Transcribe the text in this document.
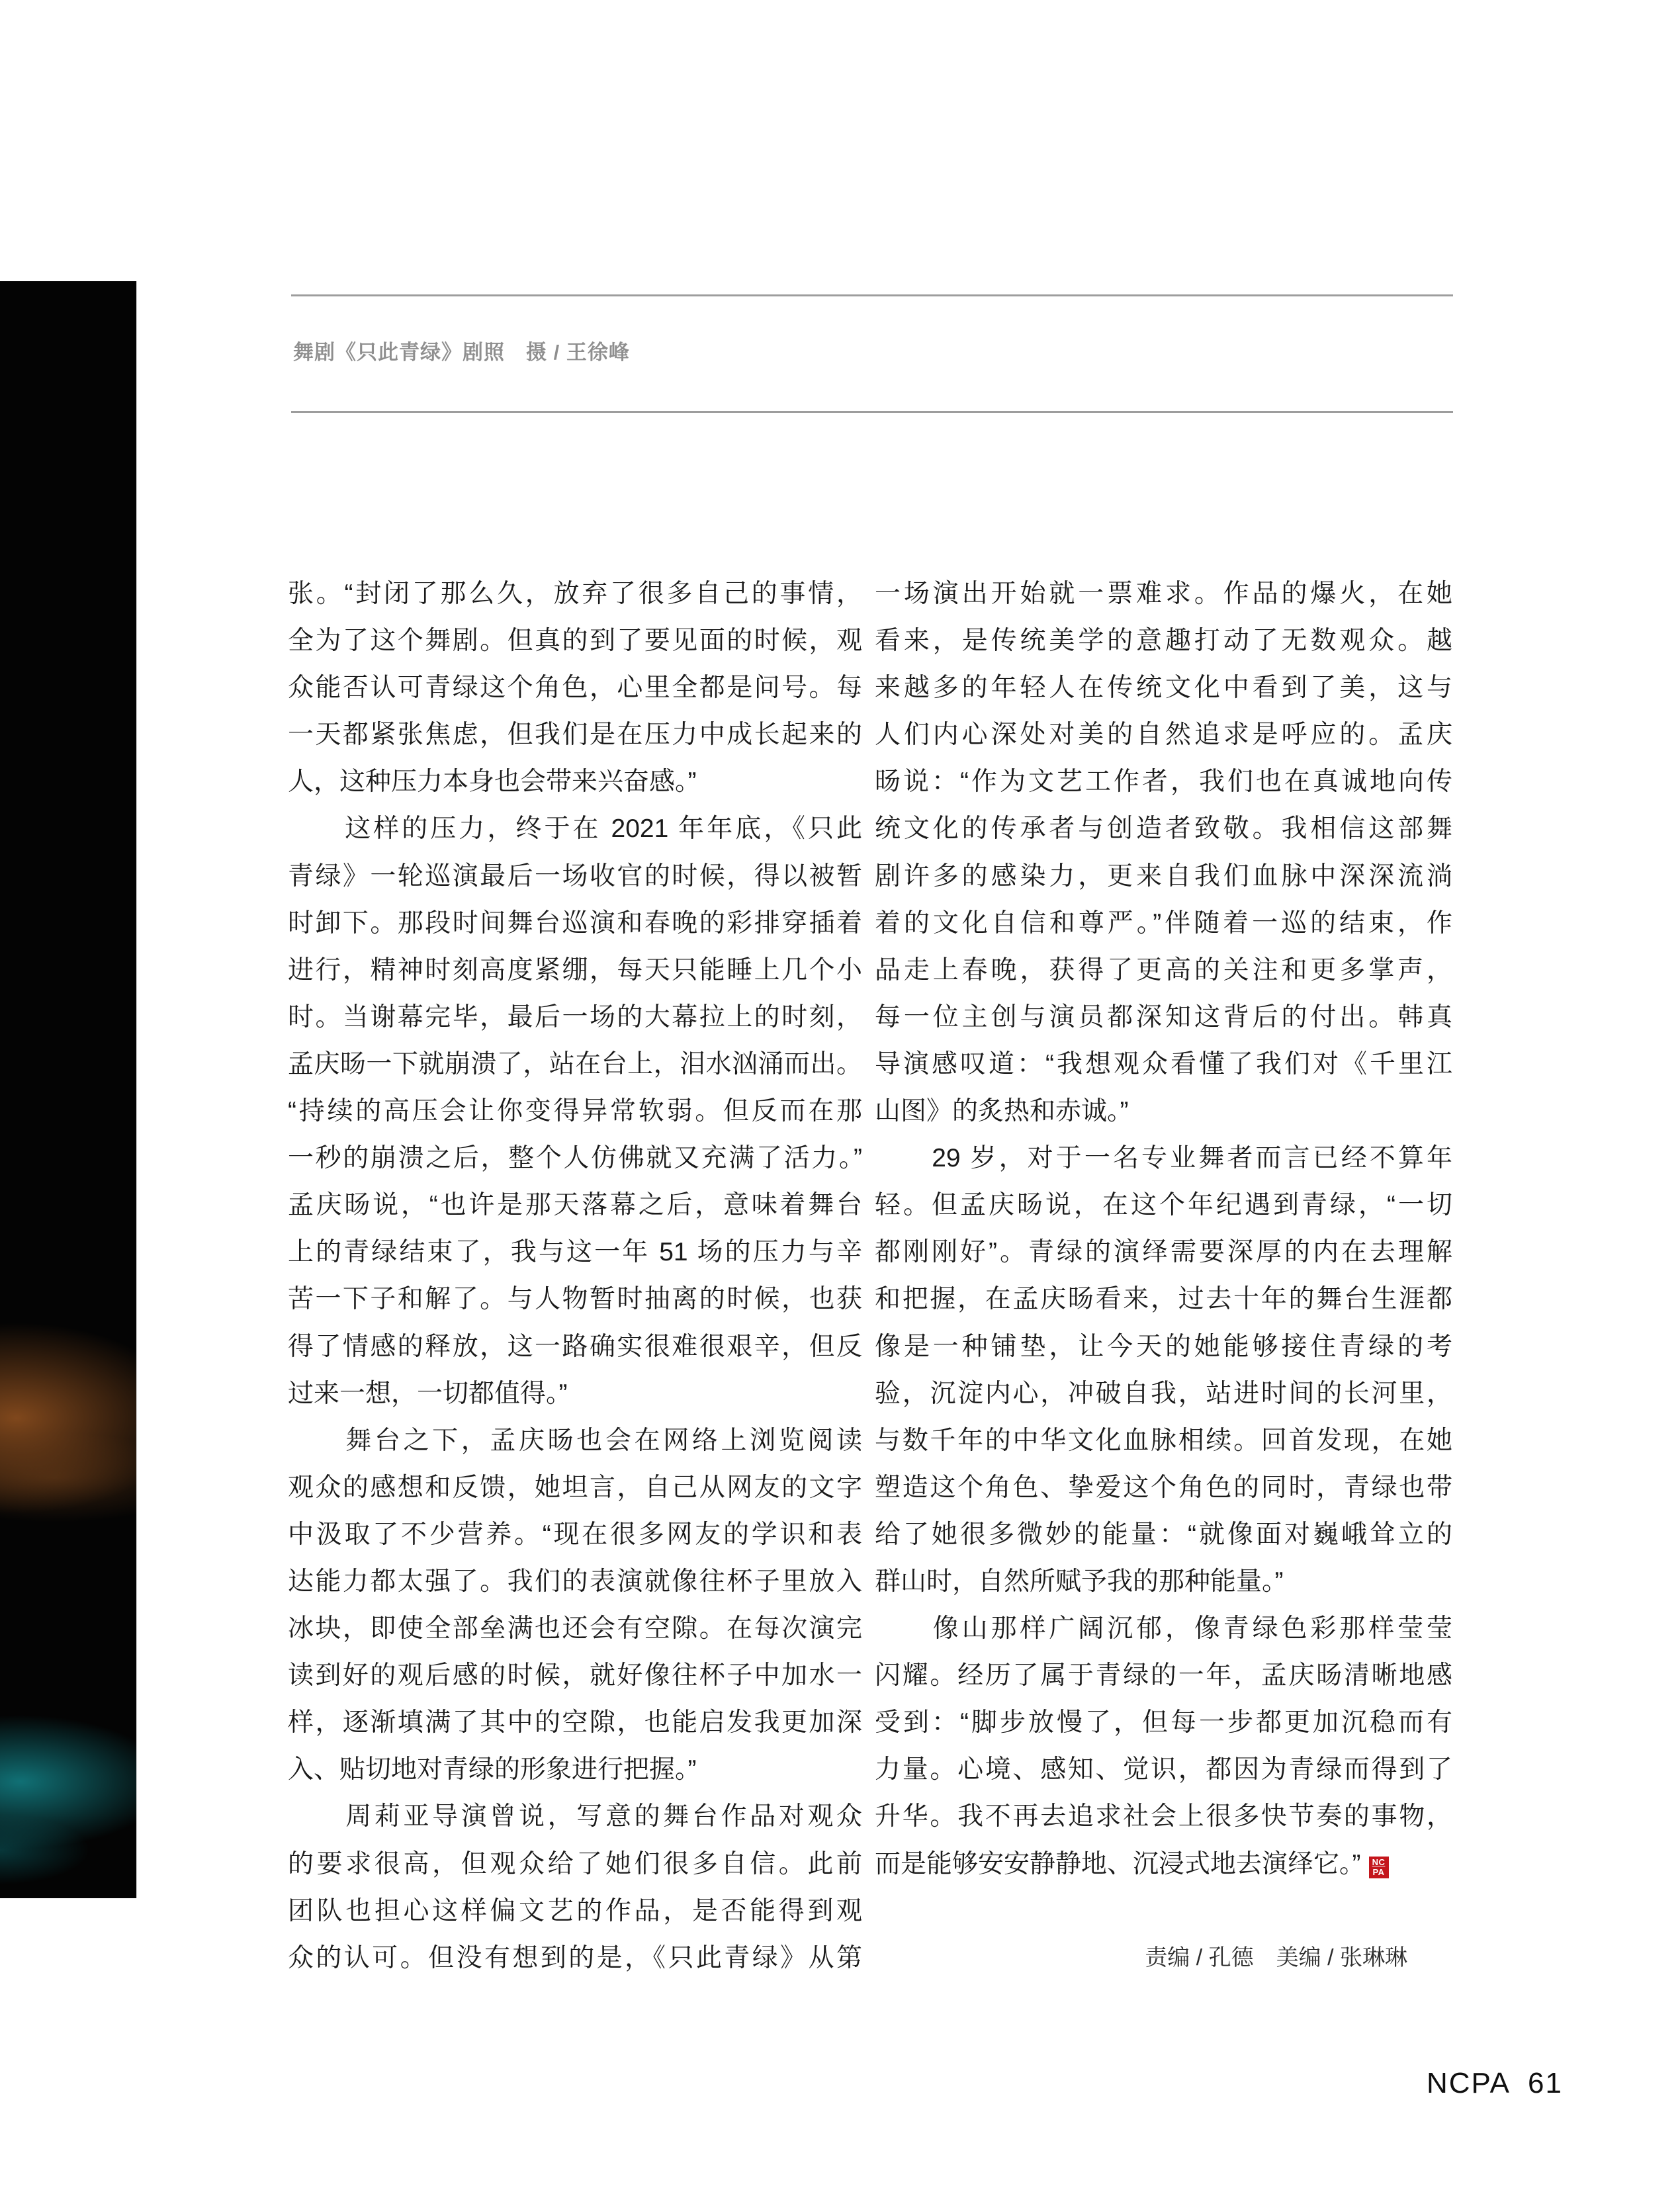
舞剧《只此青绿》剧照　摄 / 王徐峰
张。“封闭了那么久，放弃了很多自己的事情，
全为了这个舞剧。但真的到了要见面的时候，观
众能否认可青绿这个角色，心里全都是问号。每
一天都紧张焦虑，但我们是在压力中成长起来的
人，这种压力本身也会带来兴奋感。”
　　这样的压力，终于在 2021 年年底，《只此
青绿》一轮巡演最后一场收官的时候，得以被暂
时卸下。那段时间舞台巡演和春晚的彩排穿插着
进行，精神时刻高度紧绷，每天只能睡上几个小
时。当谢幕完毕，最后一场的大幕拉上的时刻，
孟庆旸一下就崩溃了，站在台上，泪水汹涌而出。
“持续的高压会让你变得异常软弱。但反而在那
一秒的崩溃之后，整个人仿佛就又充满了活力。”
孟庆旸说，“也许是那天落幕之后，意味着舞台
上的青绿结束了，我与这一年 51 场的压力与辛
苦一下子和解了。与人物暂时抽离的时候，也获
得了情感的释放，这一路确实很难很艰辛，但反
过来一想，一切都值得。”
　　舞台之下，孟庆旸也会在网络上浏览阅读
观众的感想和反馈，她坦言，自己从网友的文字
中汲取了不少营养。“现在很多网友的学识和表
达能力都太强了。我们的表演就像往杯子里放入
冰块，即使全部垒满也还会有空隙。在每次演完
读到好的观后感的时候，就好像往杯子中加水一
样，逐渐填满了其中的空隙，也能启发我更加深
入、贴切地对青绿的形象进行把握。”
　　周莉亚导演曾说，写意的舞台作品对观众
的要求很高，但观众给了她们很多自信。此前
团队也担心这样偏文艺的作品，是否能得到观
众的认可。但没有想到的是，《只此青绿》从第
一场演出开始就一票难求。作品的爆火，在她
看来，是传统美学的意趣打动了无数观众。越
来越多的年轻人在传统文化中看到了美，这与
人们内心深处对美的自然追求是呼应的。孟庆
旸说：“作为文艺工作者，我们也在真诚地向传
统文化的传承者与创造者致敬。我相信这部舞
剧许多的感染力，更来自我们血脉中深深流淌
着的文化自信和尊严。”伴随着一巡的结束，作
品走上春晚，获得了更高的关注和更多掌声，
每一位主创与演员都深知这背后的付出。韩真
导演感叹道：“我想观众看懂了我们对《千里江
山图》的炙热和赤诚。”
　　29 岁，对于一名专业舞者而言已经不算年
轻。但孟庆旸说，在这个年纪遇到青绿，“一切
都刚刚好”。青绿的演绎需要深厚的内在去理解
和把握，在孟庆旸看来，过去十年的舞台生涯都
像是一种铺垫，让今天的她能够接住青绿的考
验，沉淀内心，冲破自我，站进时间的长河里，
与数千年的中华文化血脉相续。回首发现，在她
塑造这个角色、挚爱这个角色的同时，青绿也带
给了她很多微妙的能量：“就像面对巍峨耸立的
群山时，自然所赋予我的那种能量。”
　　像山那样广阔沉郁，像青绿色彩那样莹莹
闪耀。经历了属于青绿的一年，孟庆旸清晰地感
受到：“脚步放慢了，但每一步都更加沉稳而有
力量。心境、感知、觉识，都因为青绿而得到了
升华。我不再去追求社会上很多快节奏的事物，
而是能够安安静静地、沉浸式地去演绎它。” $\frac{NC}{PA}$
责编 / 孔德　美编 / 张琳琳
NCPA 61
